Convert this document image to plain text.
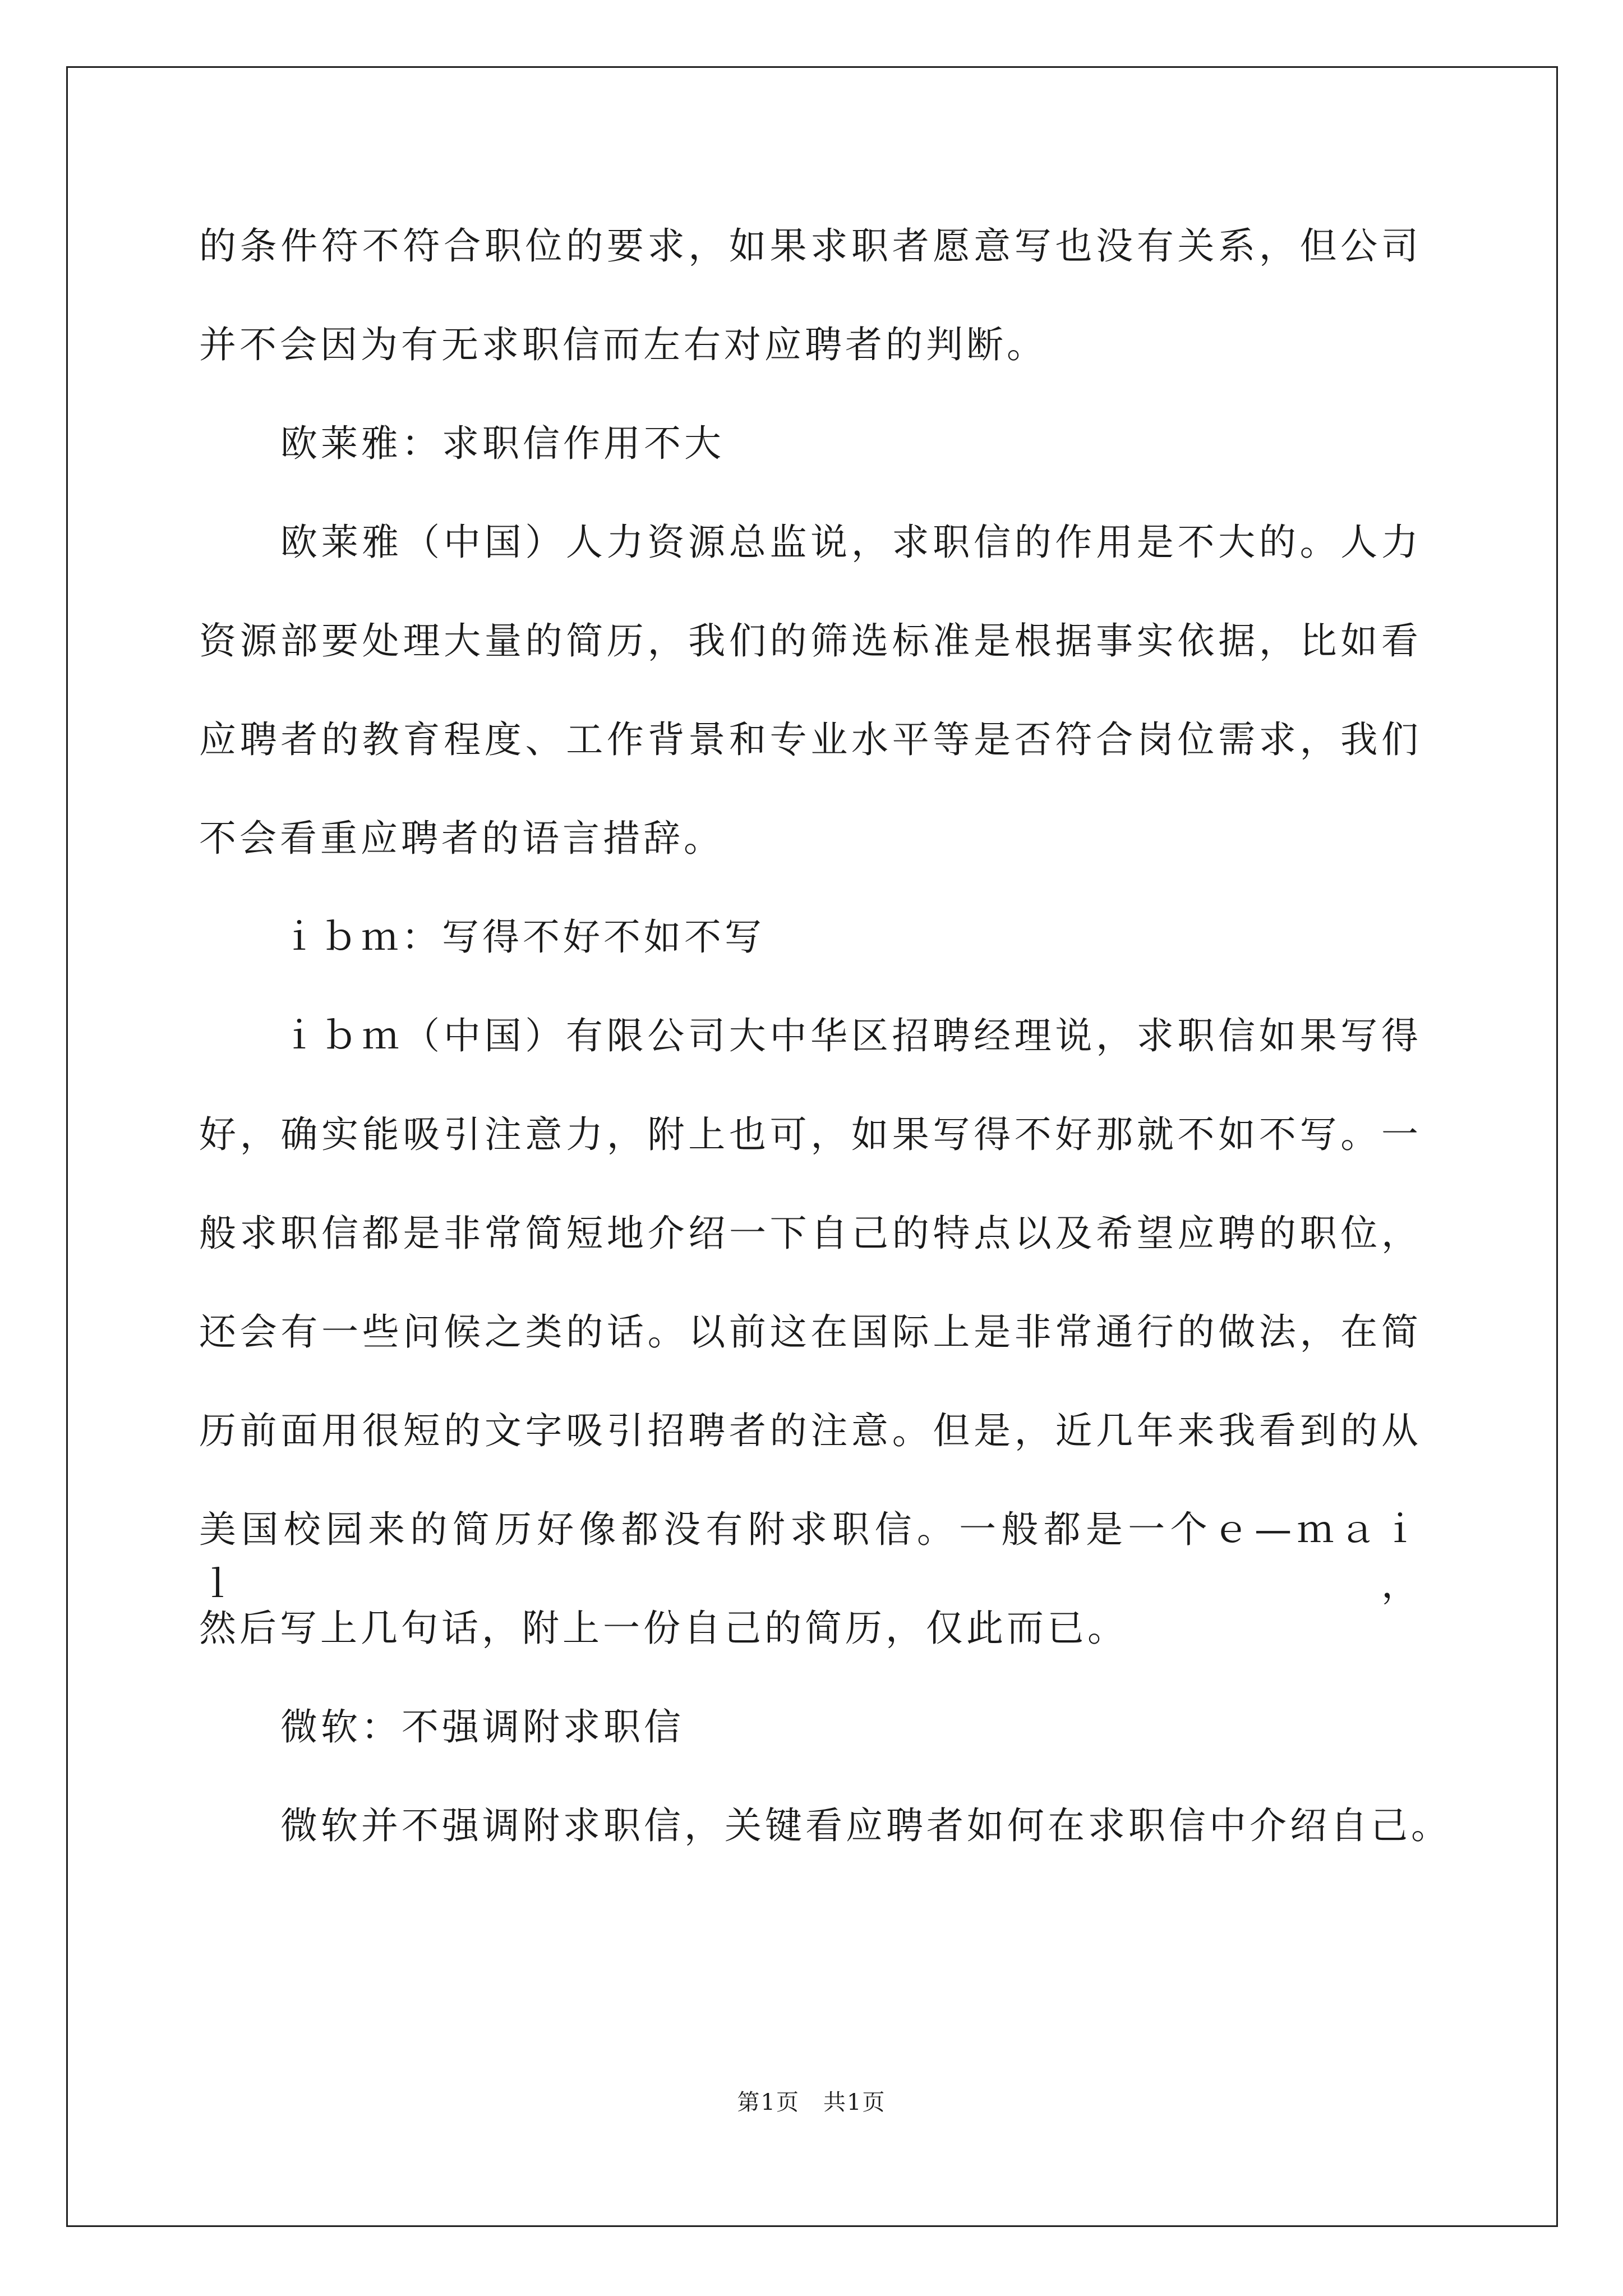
的条件符不符合职位的要求，如果求职者愿意写也没有关系，但公司
并不会因为有无求职信而左右对应聘者的判断。
欧莱雅：求职信作用不大
欧莱雅（中国）人力资源总监说，求职信的作用是不大的。人力
资源部要处理大量的简历，我们的筛选标准是根据事实依据，比如看
应聘者的教育程度、工作背景和专业水平等是否符合岗位需求，我们
不会看重应聘者的语言措辞。
ｉｂｍ：写得不好不如不写
ｉｂｍ（中国）有限公司大中华区招聘经理说，求职信如果写得
好，确实能吸引注意力，附上也可，如果写得不好那就不如不写。一
般求职信都是非常简短地介绍一下自己的特点以及希望应聘的职位，
还会有一些问候之类的话。以前这在国际上是非常通行的做法，在简
历前面用很短的文字吸引招聘者的注意。但是，近几年来我看到的从
美国校园来的简历好像都没有附求职信。一般都是一个ｅ—ｍａｉｌ，
然后写上几句话，附上一份自己的简历，仅此而已。
微软：不强调附求职信
微软并不强调附求职信，关键看应聘者如何在求职信中介绍自己。
第1页　共1页
